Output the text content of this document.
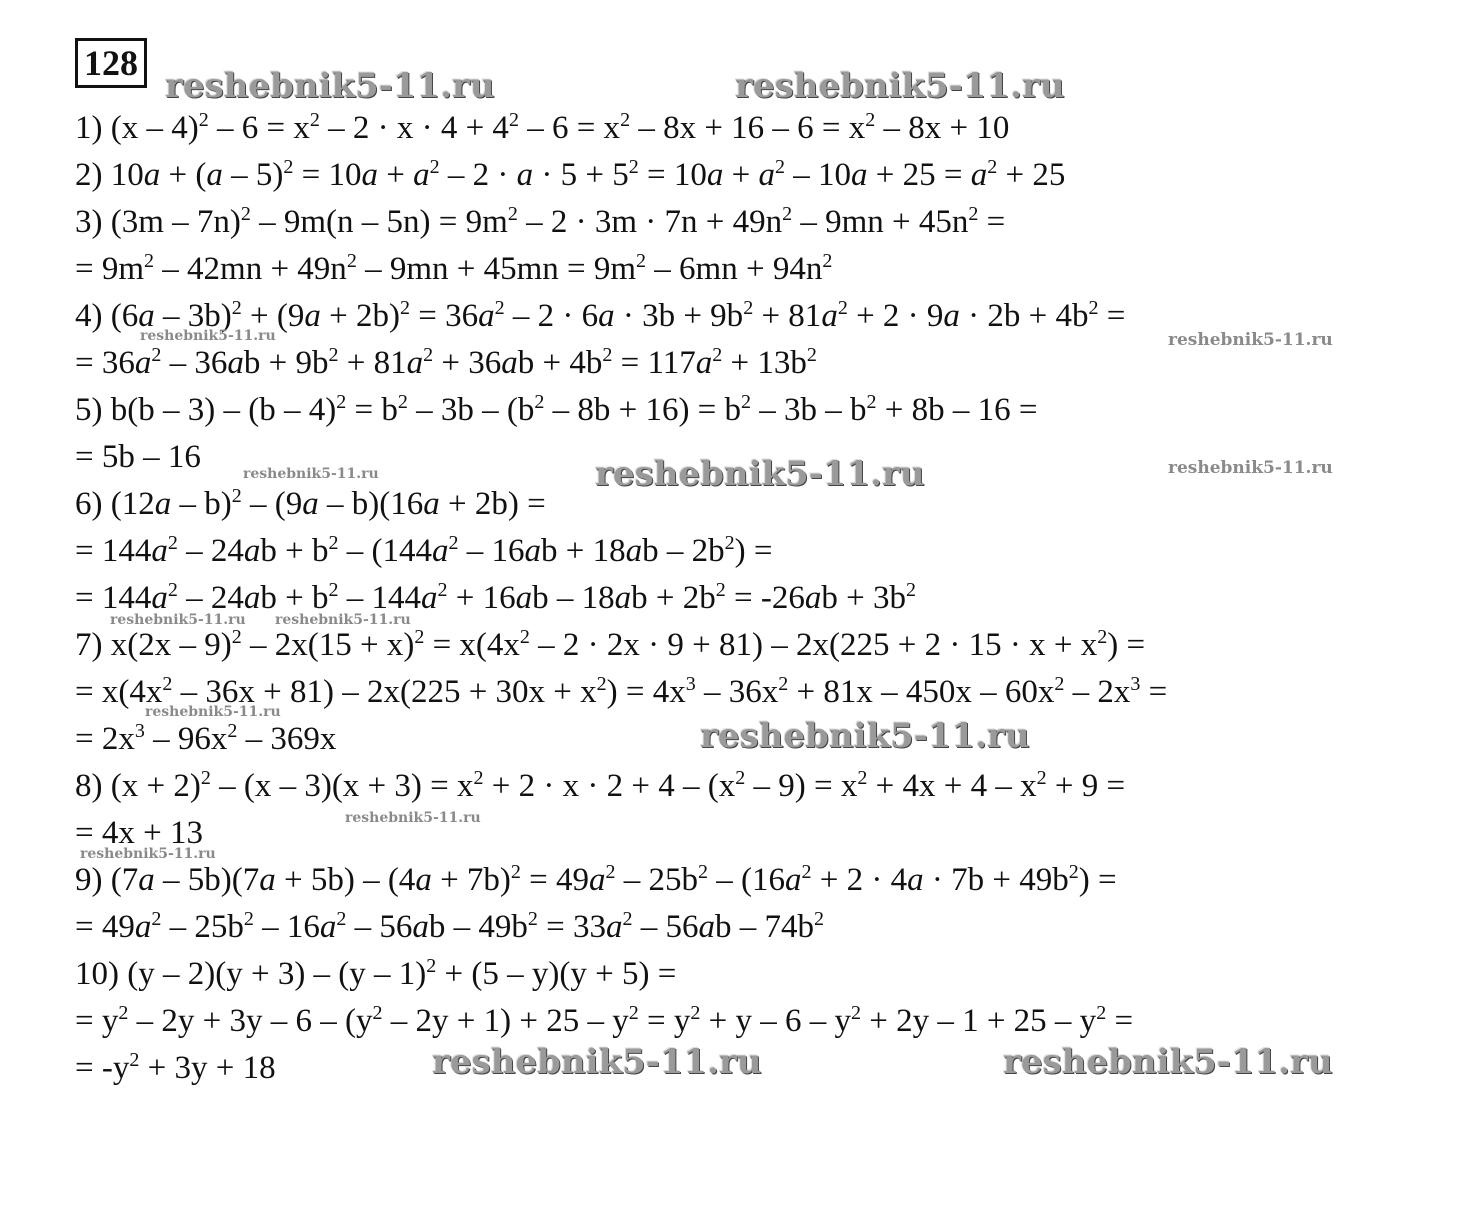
128
1) $(x - 4)^2 - 6 = x^2 - 2 \cdot x \cdot 4 + 4^2 - 6 = x^2 - 8x + 16 - 6 = x^2 - 8x + 10$
2) $10a + (a - 5)^2 = 10a + a^2 - 2 \cdot a \cdot 5 + 5^2 = 10a + a^2 - 10a + 25 = a^2 + 25$
3) $(3m - 7n)^2 - 9m(n - 5n) = 9m^2 - 2 \cdot 3m \cdot 7n + 49n^2 - 9mn + 45n^2$ =
= $9m^2 - 42mn + 49n^2 - 9mn + 45mn = 9m^2 - 6mn + 94n^2$
4) $(6a - 3b)^2 + (9a + 2b)^2 = 36a^2 - 2 \cdot 6a \cdot 3b + 9b^2 + 81a^2 + 2 \cdot 9a \cdot 2b + 4b^2$ =
= $36a^2 - 36ab + 9b^2 + 81a^2 + 36ab + 4b^2 = 117a^2 + 13b^2$
5) $b(b - 3) - (b - 4)^2 = b^2 - 3b - (b^2 - 8b + 16) = b^2 - 3b - b^2 + 8b - 16$ =
= 5b – 16
6) (12a – b)$^2$ – (9a – b)(16a + 2b) =
= $144a^2 - 24ab + b^2 - (144a^2 - 16ab + 18ab - 2b^2)$ =
= $144a^2 - 24ab + b^2 - 144a^2 + 16ab - 18ab + 2b^2 = -26ab + 3b^2$
7) $x(2x - 9)^2 - 2x(15 + x)^2 = x(4x^2 - 2 \cdot 2x \cdot 9 + 81) - 2x(225 + 2 \cdot 15 \cdot x + x^2)$ =
= $x(4x^2 - 36x + 81) - 2x(225 + 30x + x^2) = 4x^3 - 36x^2 + 81x - 450x - 60x^2 - 2x^3$ =
= $2x^3 - 96x^2 - 369x$
8) $(x + 2)^2 - (x - 3)(x + 3) = x^2 + 2 \cdot x \cdot 2 + 4 - (x^2 - 9) = x^2 + 4x + 4 - x^2 + 9$ =
= 4x + 13
9) $(7a - 5b)(7a + 5b) - (4a + 7b)^2 = 49a^2 - 25b^2 - (16a^2 + 2 \cdot 4a \cdot 7b + 49b^2)$ =
= $49a^2 - 25b^2 - 16a^2 - 56ab - 49b^2 = 33a^2 - 56ab - 74b^2$
10) (y – 2)(y + 3) – (y – 1)$^2$ + (5 – y)(y + 5) =
= $y^2 - 2y + 3y - 6 - (y^2 - 2y + 1) + 25 - y^2 = y^2 + y - 6 - y^2 + 2y - 1 + 25 - y^2$ =
= $-y^2 + 3y + 18$
reshebnik5-11.ru	reshebnik5-11.ru
reshebnik5-11.ru	reshebnik5-11.ru
reshebnik5-11.ru	reshebnik5-11.ru	reshebnik5-11.ru
reshebnik5-11.ru reshebnik5-11.ru
reshebnik5-11.ru
reshebnik5-11.ru
reshebnik5-11.ru
reshebnik5-11.ru
reshebnik5-11.ru	reshebnik5-11.ru
